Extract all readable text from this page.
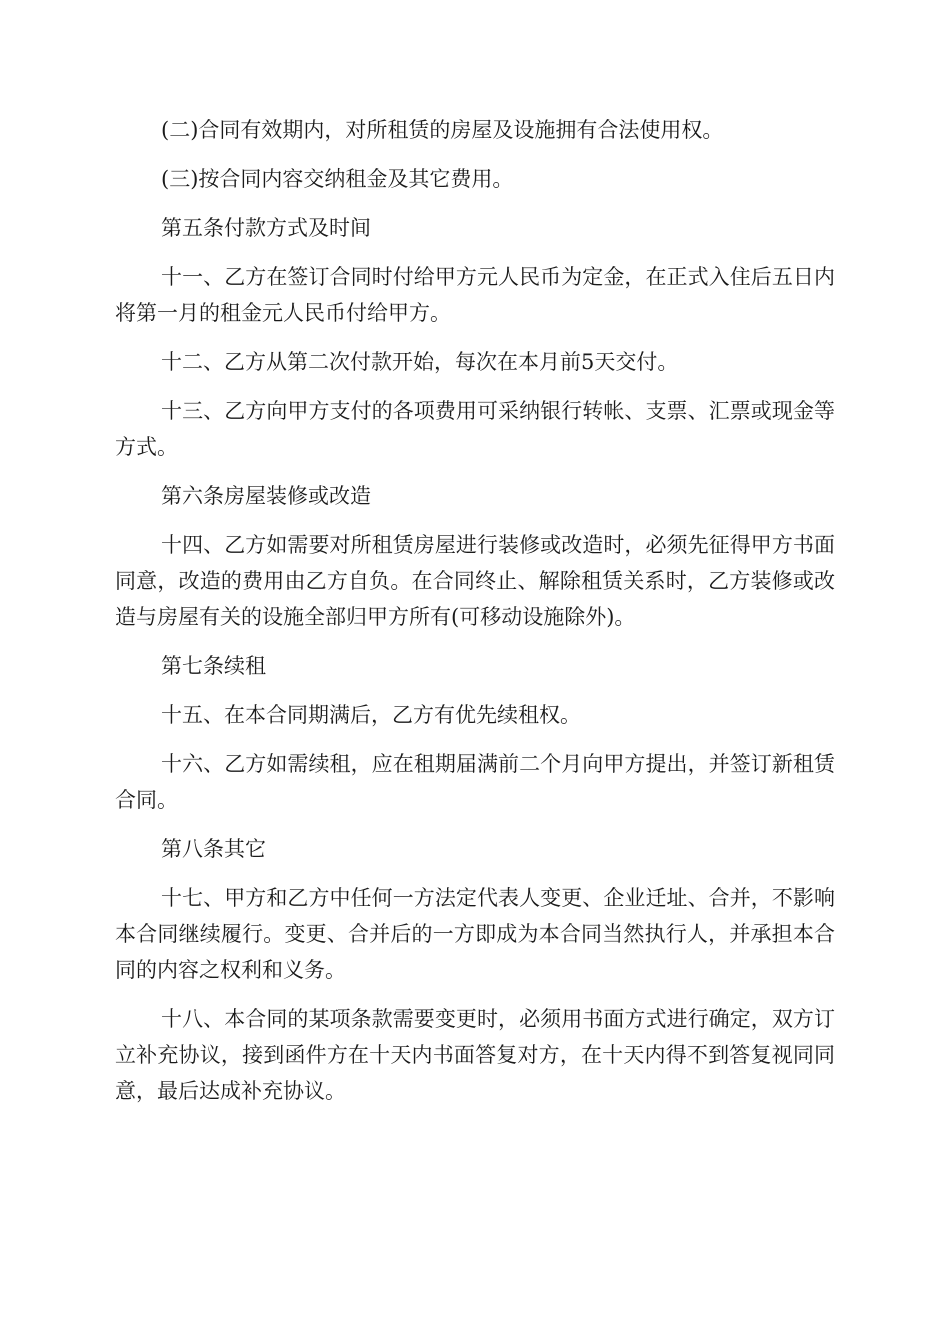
(二)合同有效期内，对所租赁的房屋及设施拥有合法使用权。

(三)按合同内容交纳租金及其它费用。

第五条付款方式及时间

十一、乙方在签订合同时付给甲方元人民币为定金，在正式入住后五日内将第一月的租金元人民币付给甲方。

十二、乙方从第二次付款开始，每次在本月前5天交付。

十三、乙方向甲方支付的各项费用可采纳银行转帐、支票、汇票或现金等方式。

第六条房屋装修或改造

十四、乙方如需要对所租赁房屋进行装修或改造时，必须先征得甲方书面同意，改造的费用由乙方自负。在合同终止、解除租赁关系时，乙方装修或改造与房屋有关的设施全部归甲方所有(可移动设施除外)。

第七条续租

十五、在本合同期满后，乙方有优先续租权。

十六、乙方如需续租，应在租期届满前二个月向甲方提出，并签订新租赁合同。

第八条其它

十七、甲方和乙方中任何一方法定代表人变更、企业迁址、合并，不影响本合同继续履行。变更、合并后的一方即成为本合同当然执行人，并承担本合同的内容之权利和义务。

十八、本合同的某项条款需要变更时，必须用书面方式进行确定，双方订立补充协议，接到函件方在十天内书面答复对方，在十天内得不到答复视同同意，最后达成补充协议。
